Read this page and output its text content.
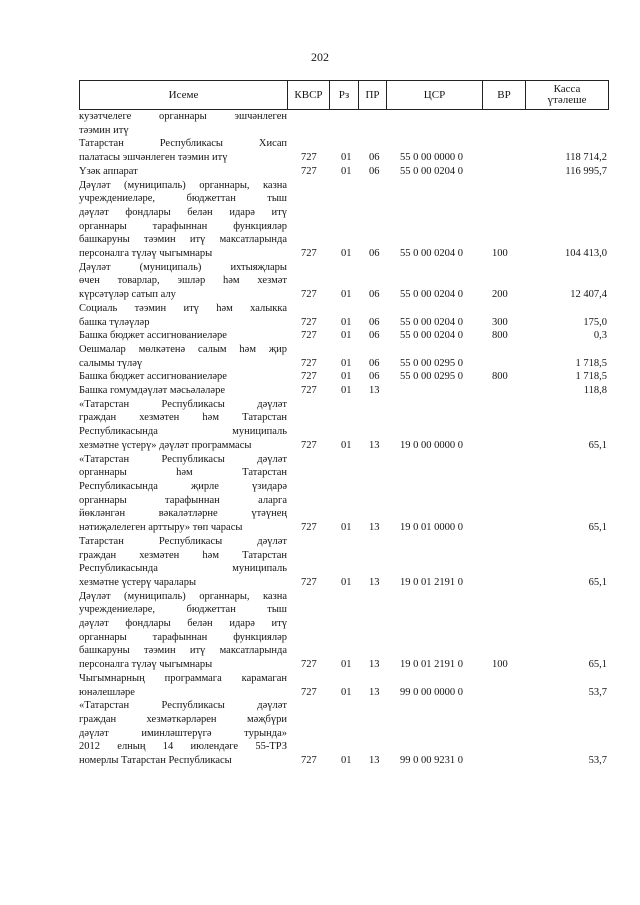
202
Исеме	КВСР	Рз	ПР	ЦСР	ВР	Касса
үтәлеше
кузәтчелеге органнары эшчәнлеген
тәэмин итү
Татарстан Республикасы Хисап
палатасы эшчәнлеген тәэмин итү	727 01 06 55 0 00 0000 0	118 714,2
Үзәк аппарат	727 01 06 55 0 00 0204 0	116 995,7
Дәүләт (муниципаль) органнары, казна
учреждениеләре, бюджеттан тыш
дәүләт фондлары белән идарә итү
органнары тарафыннан функцияләр
башкаруны тәэмин итү максатларында
персоналга түләү чыгымнары	727 01 06 55 0 00 0204 0	100	104 413,0
Дәүләт (муниципаль) ихтыяҗлары
өчен товарлар, эшләр һәм хезмәт
күрсәтүләр сатып алу	727 01 06 55 0 00 0204 0	200	12 407,4
Социаль тәэмин итү һәм халыкка
башка түләүләр	727 01 06 55 0 00 0204 0	300	175,0
Башка бюджет ассигнованиеләре	727 01 06 55 0 00 0204 0	800	0,3
Оешмалар мөлкәтенә салым һәм җир
салымы түләү	727 01 06 55 0 00 0295 0	1 718,5
Башка бюджет ассигнованиеләре	727 01 06 55 0 00 0295 0	800	1 718,5
Башка гомумдәүләт мәсьәләләре	727 01 13	118,8
«Татарстан Республикасы дәүләт
граждан хезмәтен һәм Татарстан
Республикасында муниципаль
хезмәтне үстерү» дәүләт программасы	727 01 13 19 0 00 0000 0	65,1
«Татарстан Республикасы дәүләт
органнары һәм Татарстан
Республикасында җирле үзидарә
органнары тарафыннан аларга
йөкләнгән вәкаләтләрне үтәүнең
нәтиҗәлелеген арттыру» төп чарасы	727 01 13 19 0 01 0000 0	65,1
Татарстан Республикасы дәүләт
граждан хезмәтен һәм Татарстан
Республикасында муниципаль
хезмәтне үстерү чаралары	727 01 13 19 0 01 2191 0	65,1
Дәүләт (муниципаль) органнары, казна
учреждениеләре, бюджеттан тыш
дәүләт фондлары белән идарә итү
органнары тарафыннан функцияләр
башкаруны тәэмин итү максатларында
персоналга түләү чыгымнары	727 01 13 19 0 01 2191 0	100	65,1
Чыгымнарның программага карамаган
юнәлешләре	727 01 13 99 0 00 0000 0	53,7
«Татарстан Республикасы дәүләт
граждан хезмәткәрләрен мәҗбүри
дәүләт иминләштерүгә турында»
2012 елның 14 июлендәге 55-ТРЗ
номерлы Татарстан Республикасы	727 01 13 99 0 00 9231 0	53,7
